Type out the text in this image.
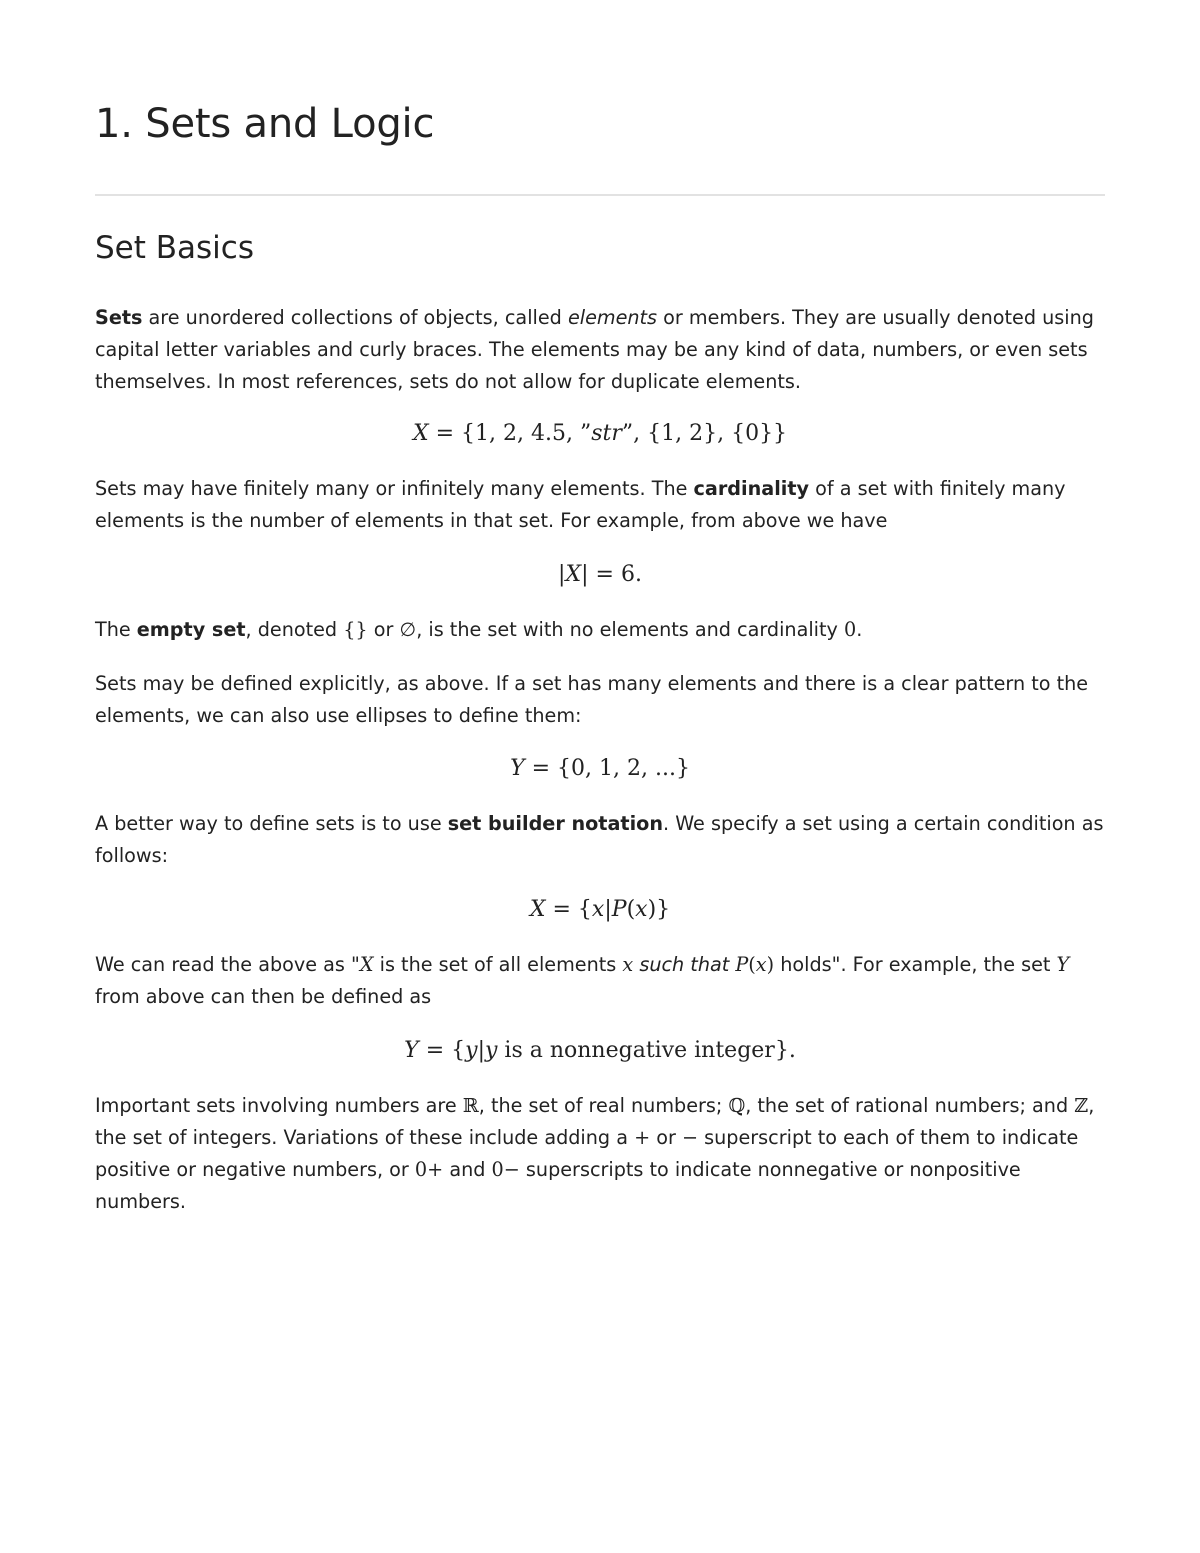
1. Sets and Logic
Set Basics

Sets are unordered collections of objects, called elements or members. They are usually denoted using capital letter variables and curly braces. The elements may be any kind of data, numbers, or even sets themselves. In most references, sets do not allow for duplicate elements.

X = {1, 2, 4.5, ”str”, {1, 2}, {0}}

Sets may have finitely many or infinitely many elements. The cardinality of a set with finitely many elements is the number of elements in that set. For example, from above we have

|X| = 6.

The empty set, denoted {} or ∅, is the set with no elements and cardinality 0.

Sets may be defined explicitly, as above. If a set has many elements and there is a clear pattern to the elements, we can also use ellipses to define them:

Y = {0, 1, 2, ...}

A better way to define sets is to use set builder notation. We specify a set using a certain condition as follows:

X = {x|P(x)}

We can read the above as "X is the set of all elements x such that P(x) holds". For example, the set Y from above can then be defined as

Y = {y|y is a nonnegative integer}.

Important sets involving numbers are ℝ, the set of real numbers; ℚ, the set of rational numbers; and ℤ, the set of integers. Variations of these include adding a + or − superscript to each of them to indicate positive or negative numbers, or 0+ and 0− superscripts to indicate nonnegative or nonpositive numbers.
